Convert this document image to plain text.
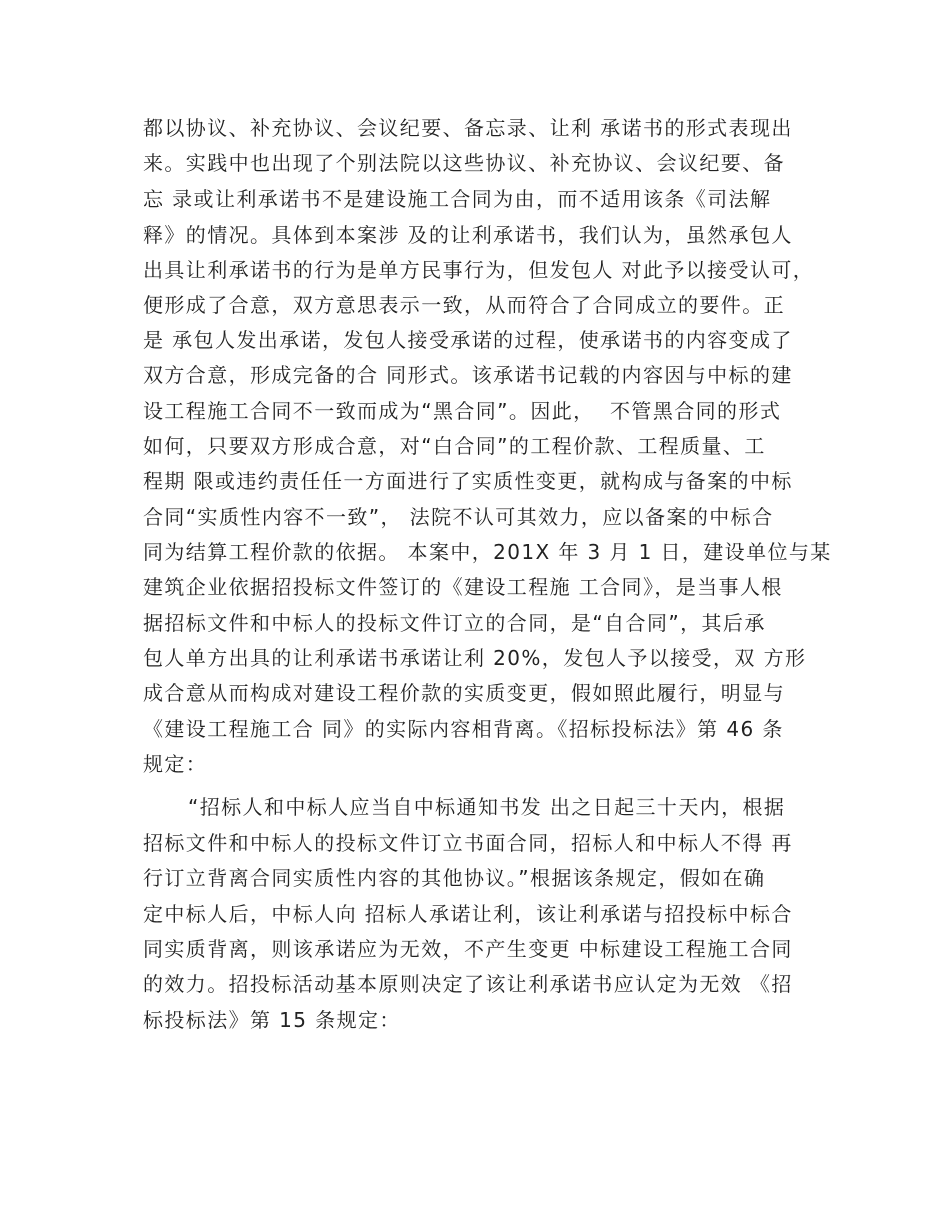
都以协议、补充协议、会议纪要、备忘录、让利 承诺书的形式表现出
来。实践中也出现了个别法院以这些协议、补充协议、会议纪要、备
忘 录或让利承诺书不是建设施工合同为由，而不适用该条《司法解
释》的情况。具体到本案涉 及的让利承诺书，我们认为，虽然承包人
出具让利承诺书的行为是单方民事行为，但发包人 对此予以接受认可，
便形成了合意，双方意思表示一致，从而符合了合同成立的要件。正
是 承包人发出承诺，发包人接受承诺的过程，使承诺书的内容变成了
双方合意，形成完备的合 同形式。该承诺书记载的内容因与中标的建
设工程施工合同不一致而成为“黑合同”。因此，  不管黑合同的形式
如何，只要双方形成合意，对“白合同”的工程价款、工程质量、工
程期 限或违约责任任一方面进行了实质性变更，就构成与备案的中标
合同“实质性内容不一致”， 法院不认可其效力，应以备案的中标合
同为结算工程价款的依据。 本案中，201X 年 3 月 1 日，建设单位与某
建筑企业依据招投标文件签订的《建设工程施 工合同》，是当事人根
据招标文件和中标人的投标文件订立的合同，是“自合同”，其后承
包人单方出具的让利承诺书承诺让利 20%，发包人予以接受，双 方形
成合意从而构成对建设工程价款的实质变更，假如照此履行，明显与
《建设工程施工合 同》的实际内容相背离。《招标投标法》第 46 条
规定：
“招标人和中标人应当自中标通知书发 出之日起三十天内，根据
招标文件和中标人的投标文件订立书面合同，招标人和中标人不得 再
行订立背离合同实质性内容的其他协议。”根据该条规定，假如在确
定中标人后，中标人向 招标人承诺让利，该让利承诺与招投标中标合
同实质背离，则该承诺应为无效，不产生变更 中标建设工程施工合同
的效力。招投标活动基本原则决定了该让利承诺书应认定为无效 《招
标投标法》第 15 条规定：
